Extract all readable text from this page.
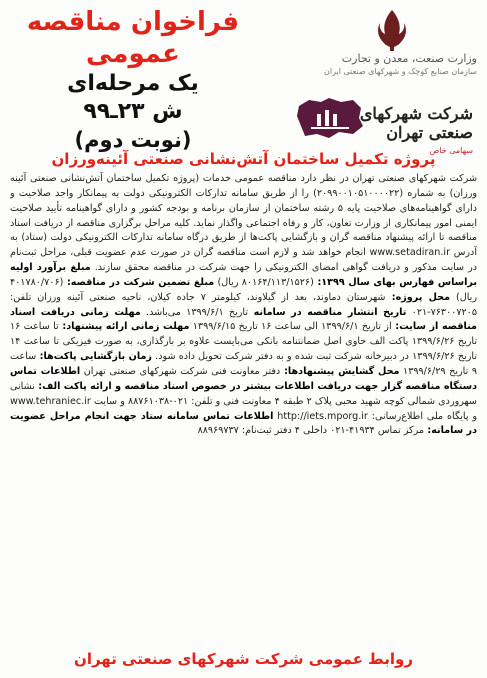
وزارت صنعت، معدن و تجارت
سازمان صنایع کوچک و شهرکهای صنعتی ایران
فراخوان مناقصه عمومی
یک مرحله‌ای
ش ۲۳ـ۹۹
(نوبت دوم)
شرکت شهرکهای صنعتی تهران
سهامی خاص
پروژه تکمیل ساختمان آتش‌نشانی صنعتی آئینه‌ورزان
شرکت شهرکهای صنعتی تهران در نظر دارد مناقصه عمومی خدمات (پروژه تکمیل ساختمان آتش‌نشانی صنعتی آئینه ورزان) به شماره (۲۰۹۹۰۰۱۰۵۱۰۰۰۰۲۲) را از طریق سامانه تدارکات الکترونیکی دولت به پیمانکار واجد صلاحیت و دارای گواهینامه‌های صلاحیت پایه ۵ رشته ساختمان از سازمان برنامه و بودجه کشور و دارای گواهینامه تأیید صلاحیت ایمنی امور پیمانکاری از وزارت تعاون، کار و رفاه اجتماعی واگذار نماید. کلیه مراحل برگزاری مناقصه از دریافت اسناد مناقصه تا ارائه پیشنهاد مناقصه گران و بازگشایی پاکت‌ها از طریق درگاه سامانه تدارکات الکترونیکی دولت (ستاد) به آدرس www.setadiran.ir انجام خواهد شد و لازم است مناقصه گران در صورت عدم عضویت قبلی، مراحل ثبت‌نام در سایت مذکور و دریافت گواهی امضای الکترونیکی را جهت شرکت در مناقصه محقق سازند. مبلغ برآورد اولیه براساس فهارس بهای سال ۱۳۹۹: (۸۰۱۶۴/۱۱۳/۱۵۲۶ ریال) مبلغ تضمین شرکت در مناقصه: (۴۰۱۷۸۰/۷۰۶ ریال) محل پروژه: شهرستان دماوند، بعد از گیلاوند، کیلومتر ۷ جاده کیلان، ناحیه صنعتی آئینه ورزان تلفن: ۷۶۳۰۰۷۲۰۵-۰۲۱ تاریخ انتشار مناقصه در سامانه تاریخ ۱۳۹۹/۶/۱ می‌باشد. مهلت زمانی دریافت اسناد مناقصه از سایت: از تاریخ ۱۳۹۹/۶/۱ الی ساعت ۱۶ تاریخ ۱۳۹۹/۶/۱۵ مهلت زمانی ارائه پیشنهاد: تا ساعت ۱۶ تاریخ ۱۳۹۹/۶/۲۶ پاکت الف حاوی اصل ضمانتنامه بانکی می‌بایست علاوه بر بارگذاری، به صورت فیزیکی تا ساعت ۱۴ تاریخ ۱۳۹۹/۶/۲۶ در دبیرخانه شرکت ثبت شده و به دفتر شرکت تحویل داده شود. زمان بازگشایی پاکت‌ها: ساعت ۹ تاریخ ۱۳۹۹/۶/۲۹ محل گشایش پیشنهادها: دفتر معاونت فنی شرکت شهرکهای صنعتی تهران اطلاعات تماس دستگاه مناقصه گزار جهت دریافت اطلاعات بیشتر در خصوص اسناد مناقصه و ارائه پاکت الف: نشانی سهروردی شمالی کوچه شهید محبی پلاک ۲ طبقه ۴ معاونت فنی و تلفن: ۰۲۱-۸۸۷۶۱۰۳۸ و سایت www.tehraniec.ir و پایگاه ملی اطلاع‌رسانی: http://iets.mporg.ir اطلاعات تماس سامانه ستاد جهت انجام مراحل عضویت در سامانه: مرکز تماس ۴۱۹۳۴-۰۲۱ داخلی ۴ دفتر ثبت‌نام: ۸۸۹۶۹۷۳۷
روابط عمومی شرکت شهرکهای صنعتی تهران
